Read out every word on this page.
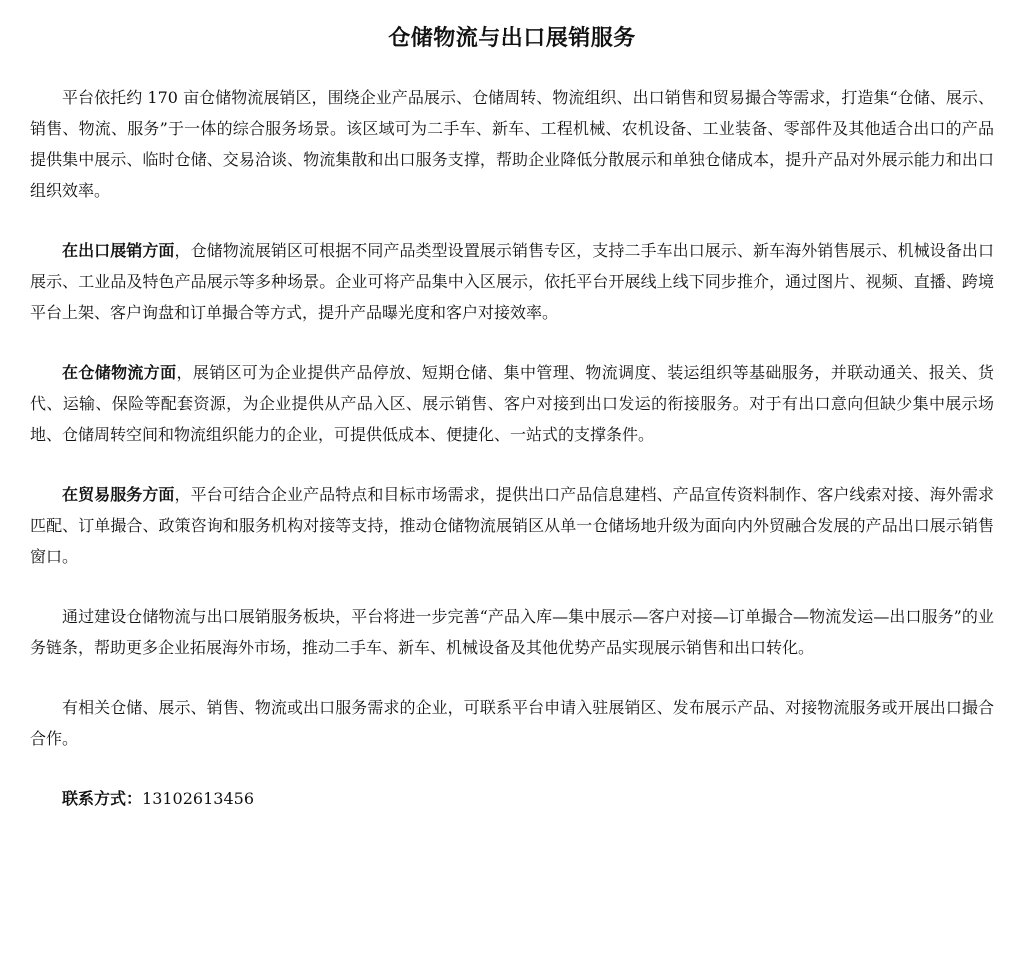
仓储物流与出口展销服务

平台依托约 170 亩仓储物流展销区，围绕企业产品展示、仓储周转、物流组织、出口销售和贸易撮合等需求，打造集“仓储、展示、销售、物流、服务”于一体的综合服务场景。该区域可为二手车、新车、工程机械、农机设备、工业装备、零部件及其他适合出口的产品提供集中展示、临时仓储、交易洽谈、物流集散和出口服务支撑，帮助企业降低分散展示和单独仓储成本，提升产品对外展示能力和出口组织效率。

在出口展销方面，仓储物流展销区可根据不同产品类型设置展示销售专区，支持二手车出口展示、新车海外销售展示、机械设备出口展示、工业品及特色产品展示等多种场景。企业可将产品集中入区展示，依托平台开展线上线下同步推介，通过图片、视频、直播、跨境平台上架、客户询盘和订单撮合等方式，提升产品曝光度和客户对接效率。

在仓储物流方面，展销区可为企业提供产品停放、短期仓储、集中管理、物流调度、装运组织等基础服务，并联动通关、报关、货代、运输、保险等配套资源，为企业提供从产品入区、展示销售、客户对接到出口发运的衔接服务。对于有出口意向但缺少集中展示场地、仓储周转空间和物流组织能力的企业，可提供低成本、便捷化、一站式的支撑条件。

在贸易服务方面，平台可结合企业产品特点和目标市场需求，提供出口产品信息建档、产品宣传资料制作、客户线索对接、海外需求匹配、订单撮合、政策咨询和服务机构对接等支持，推动仓储物流展销区从单一仓储场地升级为面向内外贸融合发展的产品出口展示销售窗口。

通过建设仓储物流与出口展销服务板块，平台将进一步完善“产品入库—集中展示—客户对接—订单撮合—物流发运—出口服务”的业务链条，帮助更多企业拓展海外市场，推动二手车、新车、机械设备及其他优势产品实现展示销售和出口转化。

有相关仓储、展示、销售、物流或出口服务需求的企业，可联系平台申请入驻展销区、发布展示产品、对接物流服务或开展出口撮合合作。

联系方式：13102613456
